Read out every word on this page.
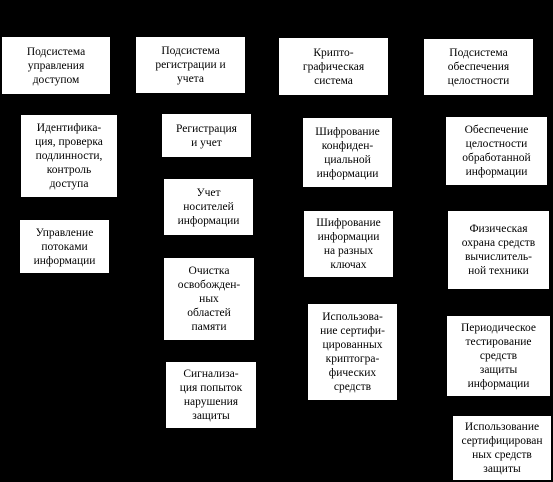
Подсистема
управления
доступом
Идентифика-
ция, проверка
подлинности,
контроль
доступа
Управление
потоками
информации
Подсистема
регистрации и
учета
Регистрация
и учет
Учет
носителей
информации
Очистка
освобожден-
ных
областей
памяти
Сигнализа-
ция попыток
нарушения
защиты
Крипто-
графическая
система
Шифрование
конфиден-
циальной
информации
Шифрование
информации
на разных
ключах
Использова-
ние сертифи-
цированных
криптогра-
фических
средств
Подсистема
обеспечения
целостности
Обеспечение
целостности
обработанной
информации
Физическая
охрана средств
вычислитель-
ной техники
Периодическое
тестирование
средств
защиты
информации
Использование
сертифицирован
ных средств
защиты
